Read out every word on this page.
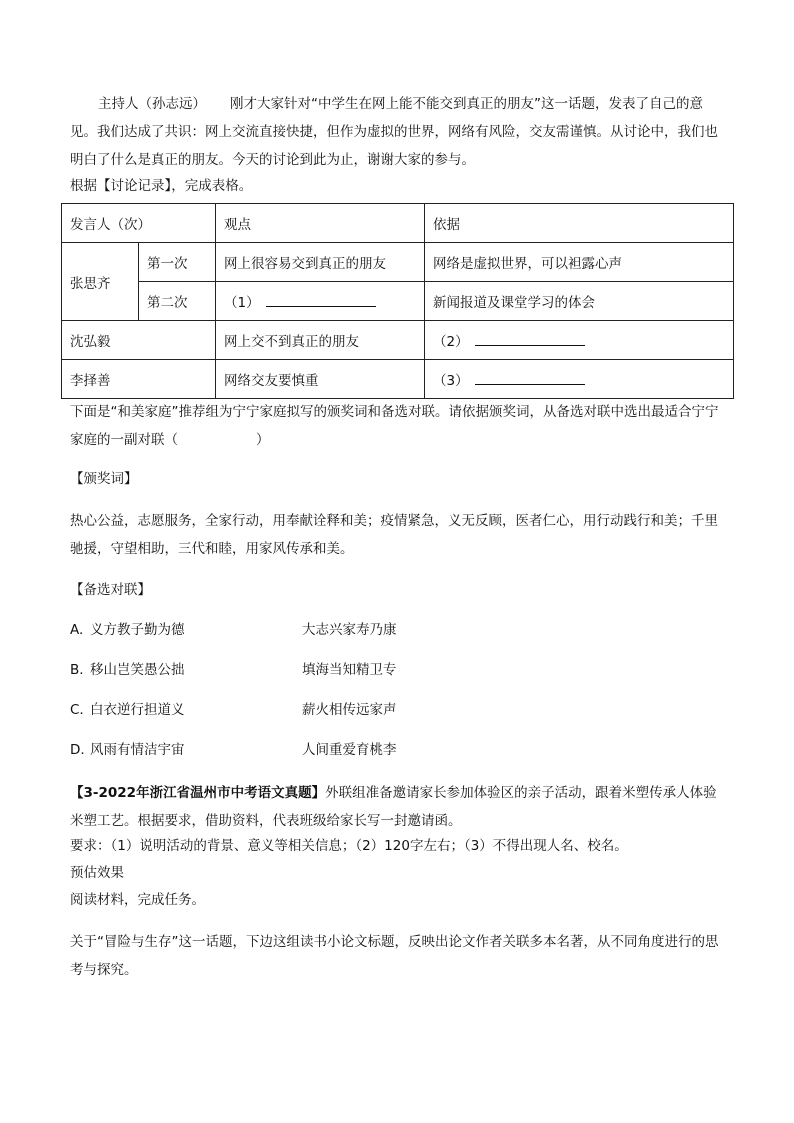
主持人（孙志远） 刚才大家针对“中学生在网上能不能交到真正的朋友”这一话题，发表了自己的意见。我们达成了共识：网上交流直接快捷，但作为虚拟的世界，网络有风险，交友需谨慎。从讨论中，我们也明白了什么是真正的朋友。今天的讨论到此为止，谢谢大家的参与。

根据【讨论记录】，完成表格。

发言人（次）		观点	依据
张思齐	第一次	网上很容易交到真正的朋友	网络是虚拟世界，可以袒露心声
	第二次	（1）	新闻报道及课堂学习的体会
沈弘毅		网上交不到真正的朋友	（2）
李择善		网络交友要慎重	（3）

下面是“和美家庭”推荐组为宁宁家庭拟写的颁奖词和备选对联。请依据颁奖词，从备选对联中选出最适合宁宁家庭的一副对联（	）

【颁奖词】

热心公益，志愿服务，全家行动，用奉献诠释和美；疫情紧急，义无反顾，医者仁心，用行动践行和美；千里驰援，守望相助，三代和睦，用家风传承和美。

【备选对联】

A. 义方教子勤为德	大志兴家寿乃康
B. 移山岂笑愚公拙	填海当知精卫专
C. 白衣逆行担道义	薪火相传远家声
D. 风雨有情洁宇宙	人间重爱育桃李

【3-2022年浙江省温州市中考语文真题】外联组准备邀请家长参加体验区的亲子活动，跟着米塑传承人体验米塑工艺。根据要求，借助资料，代表班级给家长写一封邀请函。

要求：（1）说明活动的背景、意义等相关信息；（2）120字左右；（3）不得出现人名、校名。

预估效果

阅读材料，完成任务。

关于“冒险与生存”这一话题，下边这组读书小论文标题，反映出论文作者关联多本名著，从不同角度进行的思考与探究。
